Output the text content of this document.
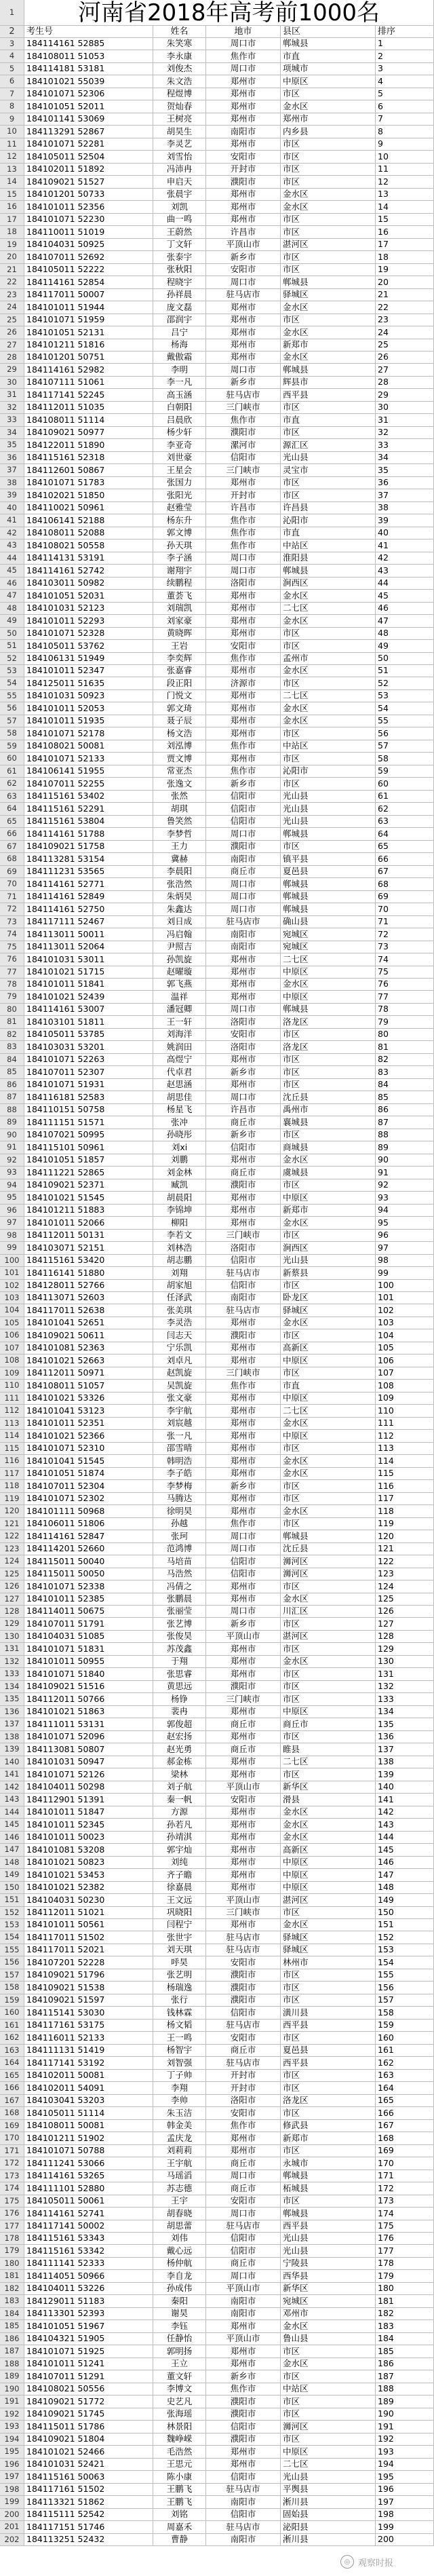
1	河南省2018年高考前1000名
2	考生号	姓名	地市	县区	排序
3	184114161 52885	朱笑寒	周口市	郸城县	1
4	184108011 51053	李永康	焦作市	市直	2
5	184114181 53181	刘俊杰	周口市	项城市	3
6	184101021 55039	朱文浩	郑州市	中原区	4
7	184101071 52306	程煜博	郑州市	市区	5
8	184101051 52011	贺灿春	郑州市	金水区	6
9	184101141 53069	王树亮	郑州市	郑州市	7
10	184113291 52867	胡昊生	南阳市	内乡县	8
11	184101071 52281	李灵艺	郑州市	市区	9
12	184105011 52504	刘雪怡	安阳市	市区	10
13	184102011 51892	冯沛冉	开封市	市区	11
14	184109021 51527	申启天	濮阳市	市区	12
15	184101201 50733	张晨宇	郑州市	金水区	13
16	184101011 52356	刘凯	郑州市	金水区	14
17	184101071 52230	曲一鸣	郑州市	市区	15
18	184110011 51019	王蔚然	许昌市	市区	16
19	184104031 50925	丁文轩	平顶山市	湛河区	17
20	184107011 52692	张泰宇	新乡市	市区	18
21	184105011 52222	张秋阳	安阳市	市区	19
22	184114161 52854	程晓宇	周口市	郸城县	20
23	184117011 50007	孙祥晨	驻马店市	驿城区	21
24	184101011 51944	庞文磊	郑州市	金水区	22
25	184101071 51959	邵润宇	郑州市	市区	23
26	184101051 52131	吕宁	郑州市	金水区	24
27	184101211 51816	杨海	郑州市	新郑市	25
28	184101201 50751	戴傲霜	郑州市	金水区	26
29	184114161 52982	李明	周口市	郸城县	27
30	184107111 51061	李一凡	新乡市	辉县市	28
31	184117141 52245	高玉涵	驻马店市	西平县	29
32	184112011 51035	白朝阳	三门峡市	市区	30
33	184108011 51114	吕晨欣	焦作市	市直	31
34	184109021 50977	杨少轩	濮阳市	市区	32
35	184122011 51890	李亚奇	漯河市	源汇区	33
36	184115161 52318	刘世豪	信阳市	光山县	34
37	184112601 50867	王星会	三门峡市	灵宝市	35
38	184101071 51783	张国力	郑州市	市区	36
39	184102021 51850	张阳光	开封市	市区	37
40	184110021 50961	赵雅莹	许昌市	许昌县	38
41	184106141 52188	杨东升	焦作市	沁阳市	39
42	184108011 52088	郭文博	焦作市	市直	40
43	184108021 50558	孙天琪	焦作市	中站区	41
44	184114131 53191	李子涵	周口市	淮阳县	42
45	184114161 52742	谢翔宇	周口市	郸城县	43
46	184103011 50982	续鹏程	洛阳市	涧西区	44
47	184101051 52031	董荟飞	郑州市	金水区	45
48	184101031 52123	刘瑞凯	郑州市	二七区	46
49	184101011 52293	刘家豪	郑州市	金水区	47
50	184101071 52328	黄晓晖	郑州市	市区	48
51	184105011 53762	王岩	安阳市	市区	49
52	184106131 51949	李奕辉	焦作市	孟州市	50
53	184101011 52347	张嘉睿	郑州市	金水区	51
54	184125011 51635	段正阳	济源市	市区	52
55	184101031 50923	门悦文	郑州市	二七区	53
56	184101011 52053	郭文琦	郑州市	金水区	54
57	184101011 51935	聂子辰	郑州市	金水区	55
58	184101071 52178	杨文浩	郑州市	市区	56
59	184108021 50081	刘泓博	焦作市	中站区	57
60	184101071 52133	贾文博	郑州市	市区	58
61	184106141 51955	常亚杰	焦作市	沁阳市	59
62	184107011 52255	张逸文	新乡市	市区	60
63	184115161 53402	张然	信阳市	光山县	61
64	184115161 52291	胡琪	信阳市	光山县	62
65	184115161 53804	鲁笑然	信阳市	光山县	63
66	184114161 51788	李梦哲	周口市	郸城县	64
67	184109021 51758	王力	濮阳市	市区	65
68	184113281 53154	冀赫	南阳市	镇平县	66
69	184111231 53565	李晨阳	商丘市	夏邑县	67
70	184114161 52771	张浩然	周口市	郸城县	68
71	184114161 52849	朱炳昊	周口市	郸城县	69
72	184114161 52750	朱鑫达	周口市	郸城县	70
73	184117111 52467	刘日成	驻马店市	确山县	71
74	184113011 50011	冯启翰	南阳市	宛城区	72
75	184113011 52064	尹照吉	南阳市	宛城区	73
76	184101031 53011	孙凯旋	郑州市	二七区	74
77	184101021 51715	赵曜璇	郑州市	中原区	75
78	184101011 51841	郭飞燕	郑州市	金水区	76
79	184101021 52439	温祥	郑州市	中原区	77
80	184114161 53007	潘冠卿	周口市	郸城县	78
81	184103101 51811	王一轩	洛阳市	洛龙区	79
82	184105011 53785	刘海洋	安阳市	市区	80
83	184103031 53201	姚润田	洛阳市	洛龙区	81
84	184101071 52263	高煜宁	郑州市	市区	82
85	184107011 52307	代卓君	新乡市	市区	83
86	184101071 51931	赵思涵	郑州市	市区	84
87	184116181 52583	胡思佳	周口市	沈丘县	85
88	184110151 50758	杨星飞	许昌市	禹州市	86
89	184111151 51571	张冲	商丘市	襄城县	87
90	184107021 50995	孙晓彤	新乡市	市区	88
91	184115101 50961	刘xi	信阳市	商城县	89
92	184101051 51857	刘鹏	郑州市	金水区	90
93	184111221 52865	刘金林	商丘市	虞城县	91
94	184109021 52371	臧凯	濮阳市	市区	92
95	184101021 51545	胡晨阳	郑州市	中原区	93
96	184101211 51883	李锦坤	郑州市	新郑市	94
97	184101011 52066	柳阳	郑州市	金水区	95
98	184112011 50131	李若文	三门峡市	市区	96
99	184103071 52151	刘林浩	洛阳市	涧西区	97
100 184115161 53420	胡志鹏	信阳市	光山县	98
101 184116141 51880	刘翔	驻马店市	新蔡县	99
102 184128011 52766	胡家旭	信阳市	市区	100
103 184113071 52603	任泽武	南阳市	卧龙区	101
104 184117011 52638	张美琪	驻马店市	驿城区	102
105 184101041 52651	李灵浩	郑州市	金水区	103
106 184109021 50611	闫志天	濮阳市	市区	104
107 184101081 52363	宁乐凯	郑州市	高新区	105
108 184101021 52663	刘卓凡	郑州市	中原区	106
109 184112011 50971	赵凯旋	三门峡市	市区	107
110 184108011 51057	吴凯旋	焦作市	市直	108
111 184101021 53326	张文豪	郑州市	中原区	109
112 184101041 53123	李宇航	郑州市	二七区	110
113 184101011 52351	刘宸越	郑州市	金水区	111
114 184101021 52366	张一凡	郑州市	中原区	112
115 184101071 52310	邵雪晴	郑州市	市区	113
116 184101041 51545	韩明浩	郑州市	金水区	114
117 184101051 51874	李子皓	郑州市	金水区	115
118 184107011 52304	李梦梅	新乡市	市区	116
119 184101071 52302	马腾达	郑州市	市区	117
120 184101111 50968	徐明昊	郑州市	金水区	118
121 184106011 51806	孙越	焦作市	市区	119
122 184114161 52847	张珂	周口市	郸城县	120
123 184114201 52660	范鸿博	周口市	沈丘县	121
124 184115011 50040	马培苗	信阳市	浉河区	122
125 184115011 50050	马浩然	信阳市	浉河区	123
126 184101071 52338	冯倩之	郑州市	市区	124
127 184101011 52385	张鹏晨	郑州市	金水区	125
128 184114011 50675	张丽莹	周口市	川汇区	126
129 184107011 51791	张艺博	新乡市	市区	127
130 184104031 51085	张俊昊	平顶山市	湛河区	128
131 184101071 51831	苏茂鑫	郑州市	市区	129
132 184101011 50955	于翔	郑州市	金水区	130
133 184101071 51840	张思睿	郑州市	市区	131
134 184109021 51516	黄思远	濮阳市	市区	132
135 184112011 50766	杨铮	三门峡市	市区	133
136 184101021 51863	裴冉	郑州市	中原区	134
137 184111011 53131	郭俊超	商丘市	商丘市	135
138 184101071 52096	赵宏扬	郑州市	市区	136
139 184113081 50807	赵光勇	商丘市	睢县	137
140 184101031 50947	郝金栋	郑州市	二七区	138
141 184101071 52126	梁林	郑州市	市区	139
142 184104011 50298	刘子航	平顶山市	新华区	140
143 184112901 51391	秦一帆	安阳市	滑县	141
144 184101011 51847	方源	郑州市	金水区	142
145 184101011 52345	孙若凡	郑州市	金水区	143
146 184101011 50023	孙靖淇	郑州市	金水区	144
147 184101081 53208	郭宇灿	郑州市	高新区	145
148 184101021 50823	刘纯	郑州市	中原区	146
149 184101021 53453	齐子瞻	郑州市	中原区	147
150 184101021 52382	徐嘉晨	郑州市	中原区	148
151 184104031 50230	王文远	平顶山市	湛河区	149
152 184112011 51021	巩晓阳	三门峡市	市区	150
153 184101011 50561	闫程宁	郑州市	金水区	151
154 184117011 51502	张世宇	驻马店市	驿城区	152
155 184117011 52021	刘天琪	驻马店市	驿城区	153
156 184107201 52228	呼昊	安阳市	林州市	154
157 184109021 51796	张艺明	濮阳市	市区	155
158 184109021 51538	杨瑞逸	濮阳市	市区	156
159 184109021 51597	张行	濮阳市	市区	157
160 184115141 53030	钱林霖	信阳市	潢川县	158
161 184117161 53175	杨文韬	驻马店市	西平县	159
162 184116011 52133	王一鸣	安阳市	市区	160
163 184111131 51419	杨智宇	商丘市	夏邑县	161
164 184117141 53192	刘智强	驻马店市	西平县	162
165 184102011 50081	丁子帅	开封市	市区	163
166 184102011 54091	李翔	开封市	市区	164
167 184103041 53203	李帅	洛阳市	洛龙区	165
168 184105011 51114	朱玉洁	安阳市	市区	166
169 184108011 50081	韩金美	焦作市	修武县	167
170 184101211 51902	孟庆龙	郑州市	新郑市	168
171 184101071 50788	刘莉莉	郑州市	市区	169
172 184111241 53066	王宇航	商丘市	永城市	170
173 184114161 53265	马瑶滔	周口市	郸城县	171
174 184111101 52880	苏志德	商丘市	柘城县	172
175 184105011 50061	王宇	安阳市	市区	173
176 184114161 52741	胡春晓	周口市	郸城县	174
177 184117141 50002	胡思蕾	驻马店市	西平县	175
178 184115161 53343	刘伟	信阳市	光山县	176
179 184115161 53342	戴心远	信阳市	光山县	177
180 184111141 52333	杨仲航	商丘市	宁陵县	178
181 184114051 50966	李自龙	周口市	西华县	179
182 184104011 53226	孙成伟	平顶山市	新华区	180
183 184129011 51183	秦阳	南阳市	宛城区	181
184 184113301 52393	谢昊	南阳市	邓州市	182
185 184101051 51967	李钰	郑州市	金水区	183
186 184104321 51905	任静怡	平顶山市	鲁山县	184
187 184101071 51925	郭明扬	郑州市	市区	185
188 184101011 51241	王立	郑州市	金水区	186
189 184107011 51291	董文轩	新乡市	市区	187
190 184108021 50556	李博文	焦作市	中站区	188
191 184109021 51772	史艺凡	濮阳市	市区	189
192 184109021 51745	张海瑶	濮阳市	市区	190
193 184115011 51786	林景阳	信阳市	浉河区	191
194 184109021 51804	魏峥嵘	濮阳市	市区	192
195 184101021 52466	毛浩然	郑州市	中原区	193
196 184101031 52421	王思元	郑州市	二七区	194
197 184115161 50063	陈小康	信阳市	光山县	195
198 184117161 51502	王鹏飞	驻马店市	平舆县	196
199 184113321 51862	王鹏飞	南阳市	淅川县	197
200 184115111 52542	刘铭	信阳市	固始县	198
201 184117151 51746	周嘉禾	驻马店市	泌阳县	199
202 184113251 52432	曹静	南阳市	淅川县	200
◎ 观察时报
